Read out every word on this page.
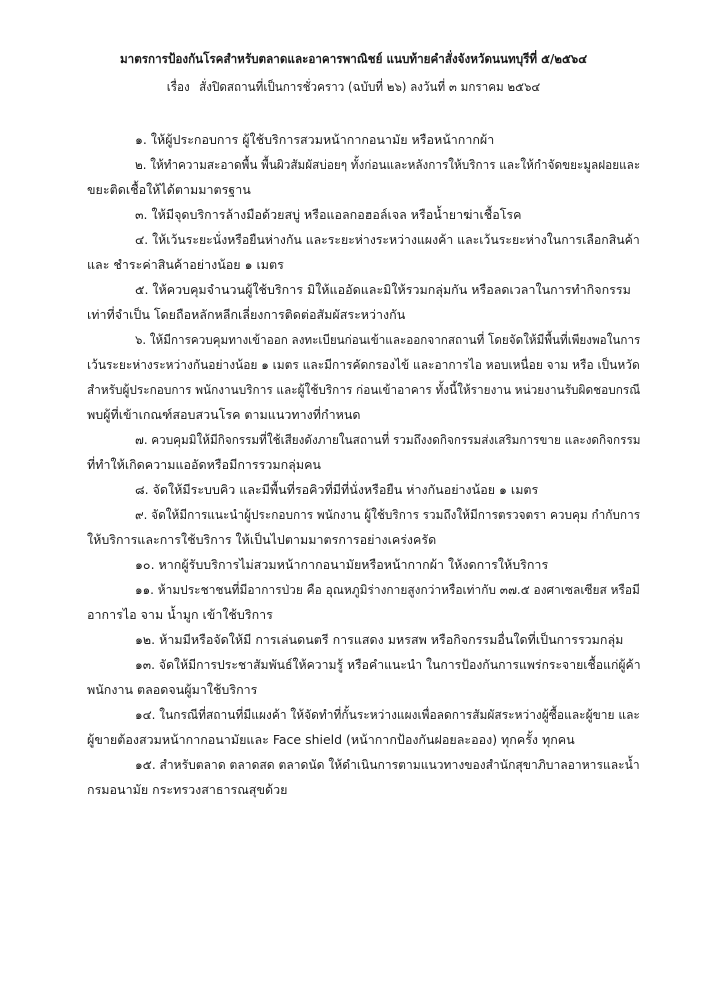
มาตรการป้องกันโรคสำหรับตลาดและอาคารพาณิชย์ แนบท้ายคำสั่งจังหวัดนนทบุรีที่ ๕/๒๕๖๔
เรื่อง สั่งปิดสถานที่เป็นการชั่วคราว (ฉบับที่ ๒๖) ลงวันที่ ๓ มกราคม ๒๕๖๔
๑. ให้ผู้ประกอบการ ผู้ใช้บริการสวมหน้ากากอนามัย หรือหน้ากากผ้า
๒. ให้ทำความสะอาดพื้น พื้นผิวสัมผัสบ่อยๆ ทั้งก่อนและหลังการให้บริการ และให้กำจัดขยะมูลฝอยและ
ขยะติดเชื้อให้ได้ตามมาตรฐาน
๓. ให้มีจุดบริการล้างมือด้วยสบู่ หรือแอลกอฮอล์เจล หรือน้ำยาฆ่าเชื้อโรค
๔. ให้เว้นระยะนั่งหรือยืนห่างกัน และระยะห่างระหว่างแผงค้า และเว้นระยะห่างในการเลือกสินค้า
และ ชำระค่าสินค้าอย่างน้อย ๑ เมตร
๕. ให้ควบคุมจำนวนผู้ใช้บริการ มิให้แออัดและมิให้รวมกลุ่มกัน หรือลดเวลาในการทำกิจกรรม
เท่าที่จำเป็น โดยถือหลักหลีกเลี่ยงการติดต่อสัมผัสระหว่างกัน
๖. ให้มีการควบคุมทางเข้าออก ลงทะเบียนก่อนเข้าและออกจากสถานที่ โดยจัดให้มีพื้นที่เพียงพอในการ
เว้นระยะห่างระหว่างกันอย่างน้อย ๑ เมตร และมีการคัดกรองไข้ และอาการไอ หอบเหนื่อย จาม หรือ เป็นหวัด
สำหรับผู้ประกอบการ พนักงานบริการ และผู้ใช้บริการ ก่อนเข้าอาคาร ทั้งนี้ให้รายงาน หน่วยงานรับผิดชอบกรณี
พบผู้ที่เข้าเกณฑ์สอบสวนโรค ตามแนวทางที่กำหนด
๗. ควบคุมมิให้มีกิจกรรมที่ใช้เสียงดังภายในสถานที่ รวมถึงงดกิจกรรมส่งเสริมการขาย และงดกิจกรรม
ที่ทำให้เกิดความแออัดหรือมีการรวมกลุ่มคน
๘. จัดให้มีระบบคิว และมีพื้นที่รอคิวที่มีที่นั่งหรือยืน ห่างกันอย่างน้อย ๑ เมตร
๙. จัดให้มีการแนะนำผู้ประกอบการ พนักงาน ผู้ใช้บริการ รวมถึงให้มีการตรวจตรา ควบคุม กำกับการ
ให้บริการและการใช้บริการ ให้เป็นไปตามมาตรการอย่างเคร่งครัด
๑๐. หากผู้รับบริการไม่สวมหน้ากากอนามัยหรือหน้ากากผ้า ให้งดการให้บริการ
๑๑. ห้ามประชาชนที่มีอาการป่วย คือ อุณหภูมิร่างกายสูงกว่าหรือเท่ากับ ๓๗.๕ องศาเซลเซียส หรือมี
อาการไอ จาม น้ำมูก เข้าใช้บริการ
๑๒. ห้ามมีหรือจัดให้มี การเล่นดนตรี การแสดง มหรสพ หรือกิจกรรมอื่นใดที่เป็นการรวมกลุ่ม
๑๓. จัดให้มีการประชาสัมพันธ์ให้ความรู้ หรือคำแนะนำ ในการป้องกันการแพร่กระจายเชื้อแก่ผู้ค้า
พนักงาน ตลอดจนผู้มาใช้บริการ
๑๔. ในกรณีที่สถานที่มีแผงค้า ให้จัดทำที่กั้นระหว่างแผงเพื่อลดการสัมผัสระหว่างผู้ซื้อและผู้ขาย และ
ผู้ขายต้องสวมหน้ากากอนามัยและ Face shield (หน้ากากป้องกันฝอยละออง) ทุกครั้ง ทุกคน
๑๕. สำหรับตลาด ตลาดสด ตลาดนัด ให้ดำเนินการตามแนวทางของสำนักสุขาภิบาลอาหารและน้ำ
กรมอนามัย กระทรวงสาธารณสุขด้วย
